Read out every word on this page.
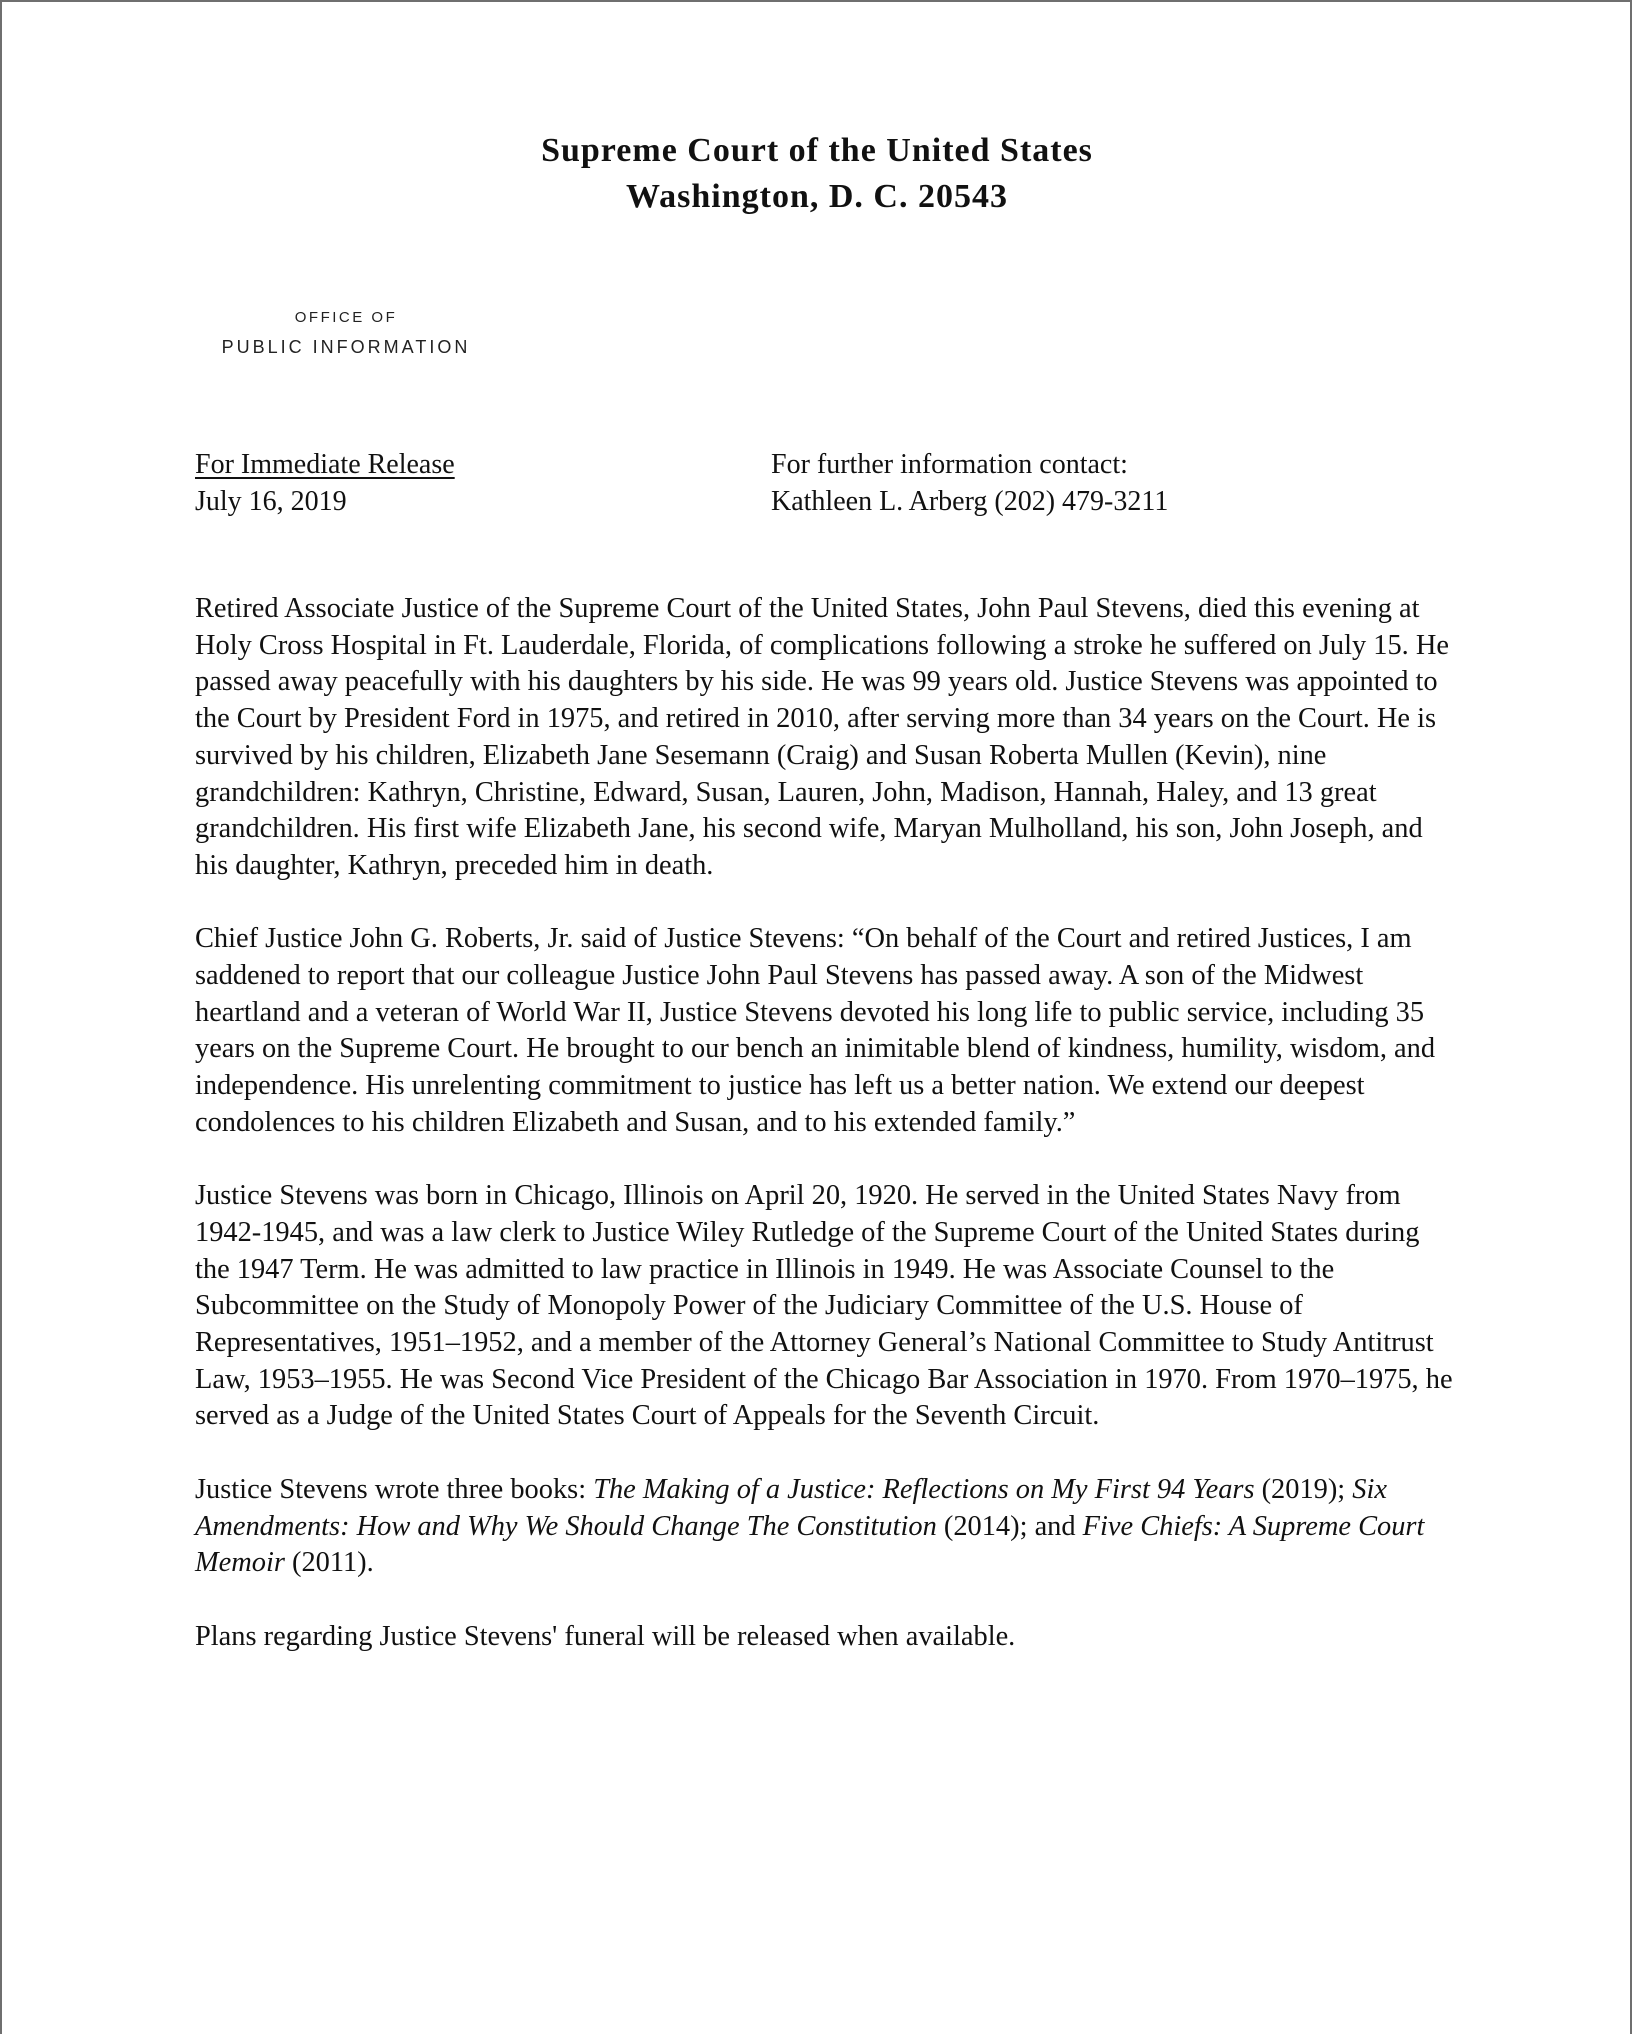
Supreme Court of the United States
Washington, D. C. 20543
OFFICE OF
PUBLIC INFORMATION
For Immediate Release
July 16, 2019
For further information contact:
Kathleen L. Arberg (202) 479-3211

Retired Associate Justice of the Supreme Court of the United States, John Paul Stevens, died this evening at Holy Cross Hospital in Ft. Lauderdale, Florida, of complications following a stroke he suffered on July 15. He passed away peacefully with his daughters by his side. He was 99 years old. Justice Stevens was appointed to the Court by President Ford in 1975, and retired in 2010, after serving more than 34 years on the Court. He is survived by his children, Elizabeth Jane Sesemann (Craig) and Susan Roberta Mullen (Kevin), nine grandchildren: Kathryn, Christine, Edward, Susan, Lauren, John, Madison, Hannah, Haley, and 13 great grandchildren. His first wife Elizabeth Jane, his second wife, Maryan Mulholland, his son, John Joseph, and his daughter, Kathryn, preceded him in death.

Chief Justice John G. Roberts, Jr. said of Justice Stevens: “On behalf of the Court and retired Justices, I am saddened to report that our colleague Justice John Paul Stevens has passed away. A son of the Midwest heartland and a veteran of World War II, Justice Stevens devoted his long life to public service, including 35 years on the Supreme Court. He brought to our bench an inimitable blend of kindness, humility, wisdom, and independence. His unrelenting commitment to justice has left us a better nation. We extend our deepest condolences to his children Elizabeth and Susan, and to his extended family.”

Justice Stevens was born in Chicago, Illinois on April 20, 1920. He served in the United States Navy from 1942-1945, and was a law clerk to Justice Wiley Rutledge of the Supreme Court of the United States during the 1947 Term. He was admitted to law practice in Illinois in 1949. He was Associate Counsel to the Subcommittee on the Study of Monopoly Power of the Judiciary Committee of the U.S. House of Representatives, 1951–1952, and a member of the Attorney General’s National Committee to Study Antitrust Law, 1953–1955. He was Second Vice President of the Chicago Bar Association in 1970. From 1970–1975, he served as a Judge of the United States Court of Appeals for the Seventh Circuit.

Justice Stevens wrote three books: The Making of a Justice: Reflections on My First 94 Years (2019); Six Amendments: How and Why We Should Change The Constitution (2014); and Five Chiefs: A Supreme Court Memoir (2011).

Plans regarding Justice Stevens' funeral will be released when available.
